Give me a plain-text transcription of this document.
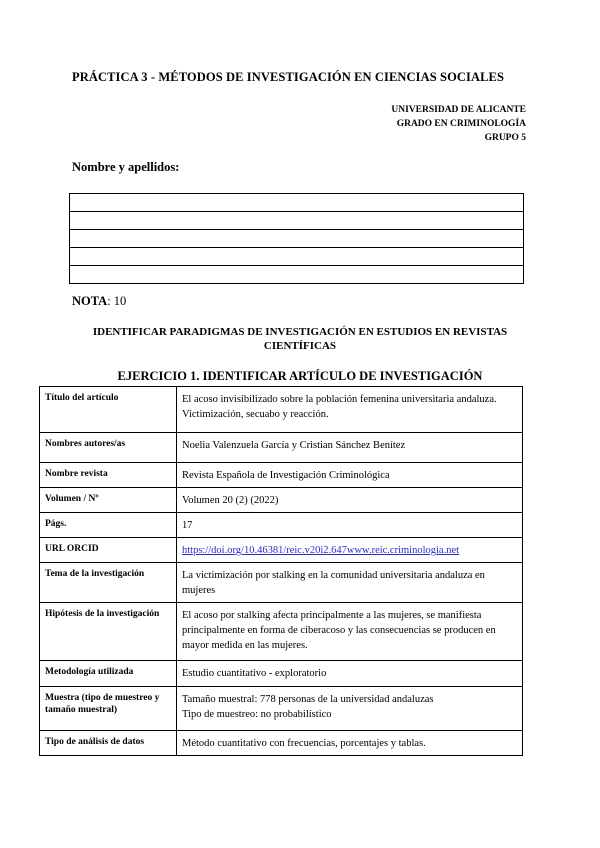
PRÁCTICA 3 - MÉTODOS DE INVESTIGACIÓN EN CIENCIAS SOCIALES
UNIVERSIDAD DE ALICANTE
GRADO EN CRIMINOLOGÍA
GRUPO 5
Nombre y apellidos:

NOTA: 10
IDENTIFICAR PARADIGMAS DE INVESTIGACIÓN EN ESTUDIOS EN REVISTAS CIENTÍFICAS
EJERCICIO 1. IDENTIFICAR ARTÍCULO DE INVESTIGACIÓN
Título del artículo	El acoso invisibilizado sobre la población femenina universitaria andaluza. Victimización, secuabo y reacción.
Nombres autores/as	Noelia Valenzuela García y Cristian Sánchez Benítez
Nombre revista	Revista Española de Investigación Criminológica
Volumen / Nº	Volumen 20 (2) (2022)
Págs.	17
URL ORCID	https://doi.org/10.46381/reic.v20i2.647www.reic.criminologia.net
Tema de la investigación	La victimización por stalking en la comunidad universitaria andaluza en mujeres
Hipótesis de la investigación	El acoso por stalking afecta principalmente a las mujeres, se manifiesta principalmente en forma de ciberacoso y las consecuencias se producen en mayor medida en las mujeres.
Metodología utilizada	Estudio cuantitativo - exploratorio
Muestra (tipo de muestreo y tamaño muestral)	Tamaño muestral: 778 personas de la universidad andaluzas
Tipo de muestreo: no probabilístico

Tipo de análisis de datos	Método cuantitativo con frecuencias, porcentajes y tablas.
